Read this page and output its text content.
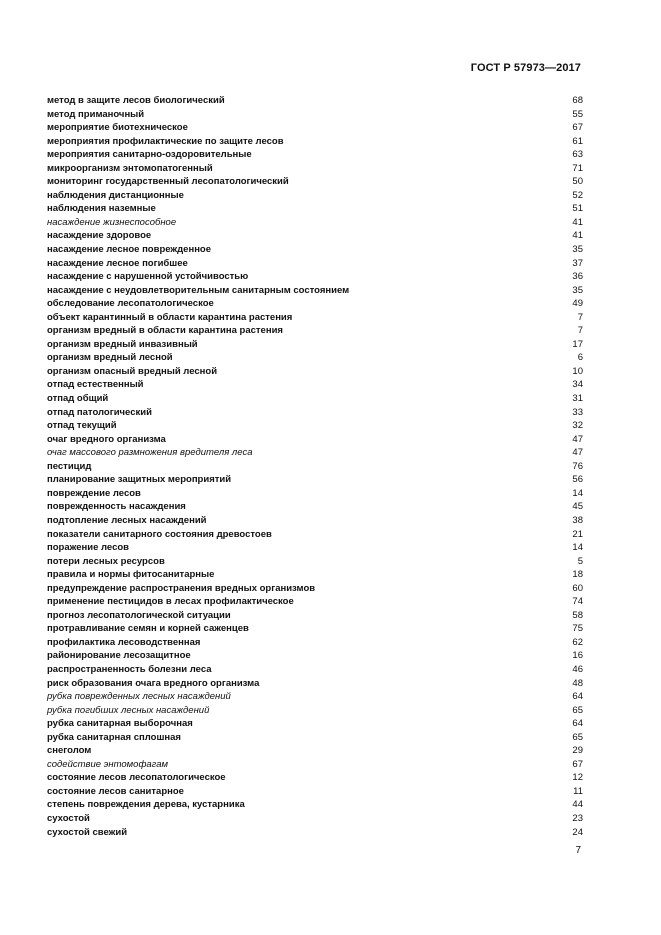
ГОСТ Р 57973—2017
метод в защите лесов биологический	68
метод приманочный	55
мероприятие биотехническое	67
мероприятия профилактические по защите лесов	61
мероприятия санитарно-оздоровительные	63
микроорганизм энтомопатогенный	71
мониторинг государственный лесопатологический	50
наблюдения дистанционные	52
наблюдения наземные	51
насаждение жизнеспособное	41
насаждение здоровое	41
насаждение лесное поврежденное	35
насаждение лесное погибшее	37
насаждение с нарушенной устойчивостью	36
насаждение с неудовлетворительным санитарным состоянием	35
обследование лесопатологическое	49
объект карантинный в области карантина растения	7
организм вредный в области карантина растения	7
организм вредный инвазивный	17
организм вредный лесной	6
организм опасный вредный лесной	10
отпад естественный	34
отпад общий	31
отпад патологический	33
отпад текущий	32
очаг вредного организма	47
очаг массового размножения вредителя леса	47
пестицид	76
планирование защитных мероприятий	56
повреждение лесов	14
поврежденность насаждения	45
подтопление лесных насаждений	38
показатели санитарного состояния древостоев	21
поражение лесов	14
потери лесных ресурсов	5
правила и нормы фитосанитарные	18
предупреждение распространения вредных организмов	60
применение пестицидов в лесах профилактическое	74
прогноз лесопатологической ситуации	58
протравливание семян и корней саженцев	75
профилактика лесоводственная	62
районирование лесозащитное	16
распространенность болезни леса	46
риск образования очага вредного организма	48
рубка поврежденных лесных насаждений	64
рубка погибших лесных насаждений	65
рубка санитарная выборочная	64
рубка санитарная сплошная	65
снеголом	29
содействие энтомофагам	67
состояние лесов лесопатологическое	12
состояние лесов санитарное	11
степень повреждения дерева, кустарника	44
сухостой	23
сухостой свежий	24
7
